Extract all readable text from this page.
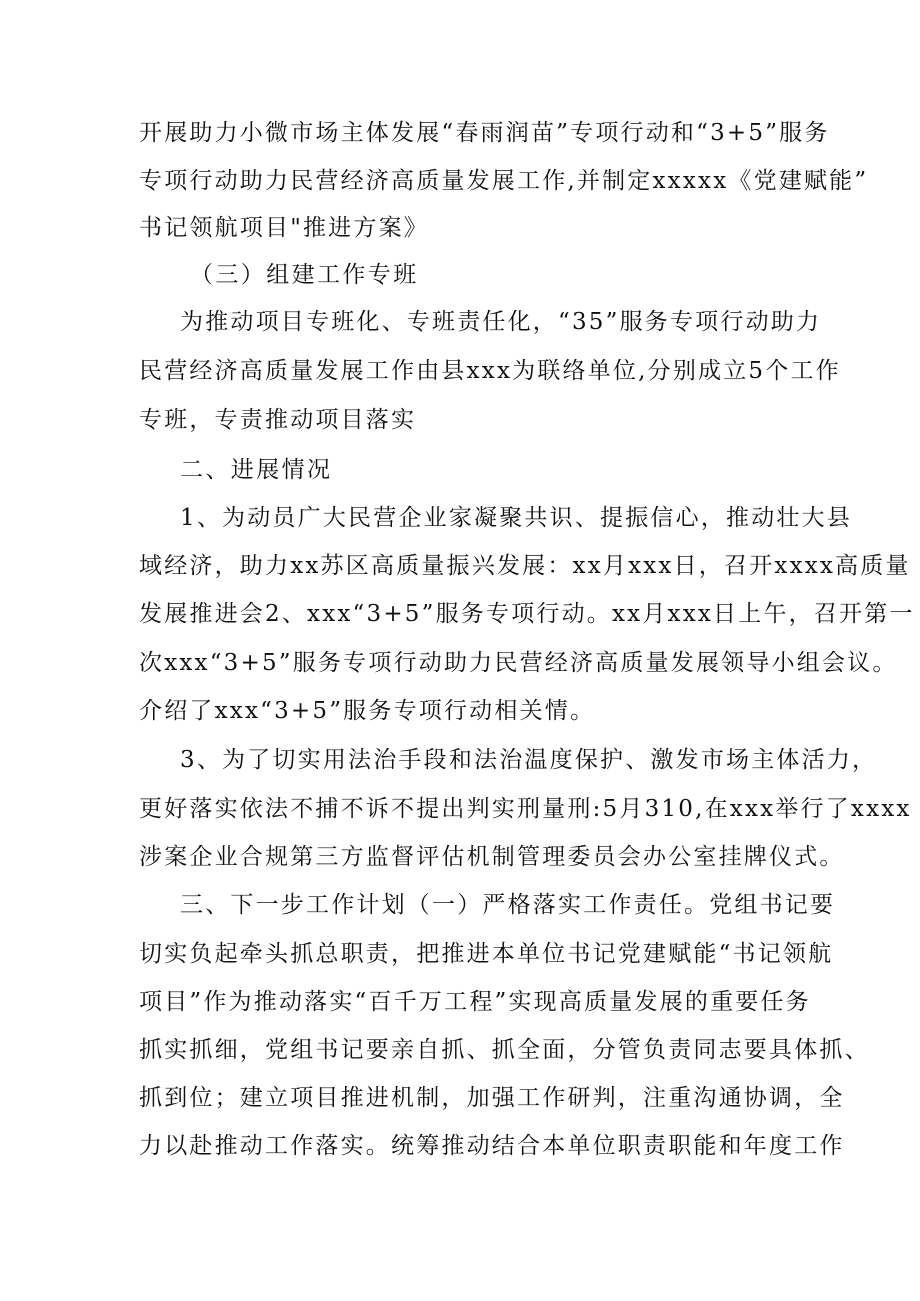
开展助力小微市场主体发展“春雨润苗”专项行动和“3+5”服务
专项行动助力民营经济高质量发展工作,并制定xxxxx《党建赋能”
书记领航项目"推进方案》
（三）组建工作专班
为推动项目专班化、专班责任化，“35”服务专项行动助力
民营经济高质量发展工作由县xxx为联络单位,分别成立5个工作
专班，专责推动项目落实
二、进展情况
1、为动员广大民营企业家凝聚共识、提振信心，推动壮大县
域经济，助力xx苏区高质量振兴发展：xx月xxx日，召开xxxx高质量
发展推进会2、xxx“3+5”服务专项行动。xx月xxx日上午，召开第一
次xxx“3+5”服务专项行动助力民营经济高质量发展领导小组会议。
介绍了xxx“3+5”服务专项行动相关情。
3、为了切实用法治手段和法治温度保护、激发市场主体活力，
更好落实依法不捕不诉不提出判实刑量刑:5月310,在xxx举行了xxxx
涉案企业合规第三方监督评估机制管理委员会办公室挂牌仪式。
三、下一步工作计划（一）严格落实工作责任。党组书记要
切实负起牵头抓总职责，把推进本单位书记党建赋能“书记领航
项目”作为推动落实“百千万工程”实现高质量发展的重要任务
抓实抓细，党组书记要亲自抓、抓全面，分管负责同志要具体抓、
抓到位；建立项目推进机制，加强工作研判，注重沟通协调，全
力以赴推动工作落实。统筹推动结合本单位职责职能和年度工作
